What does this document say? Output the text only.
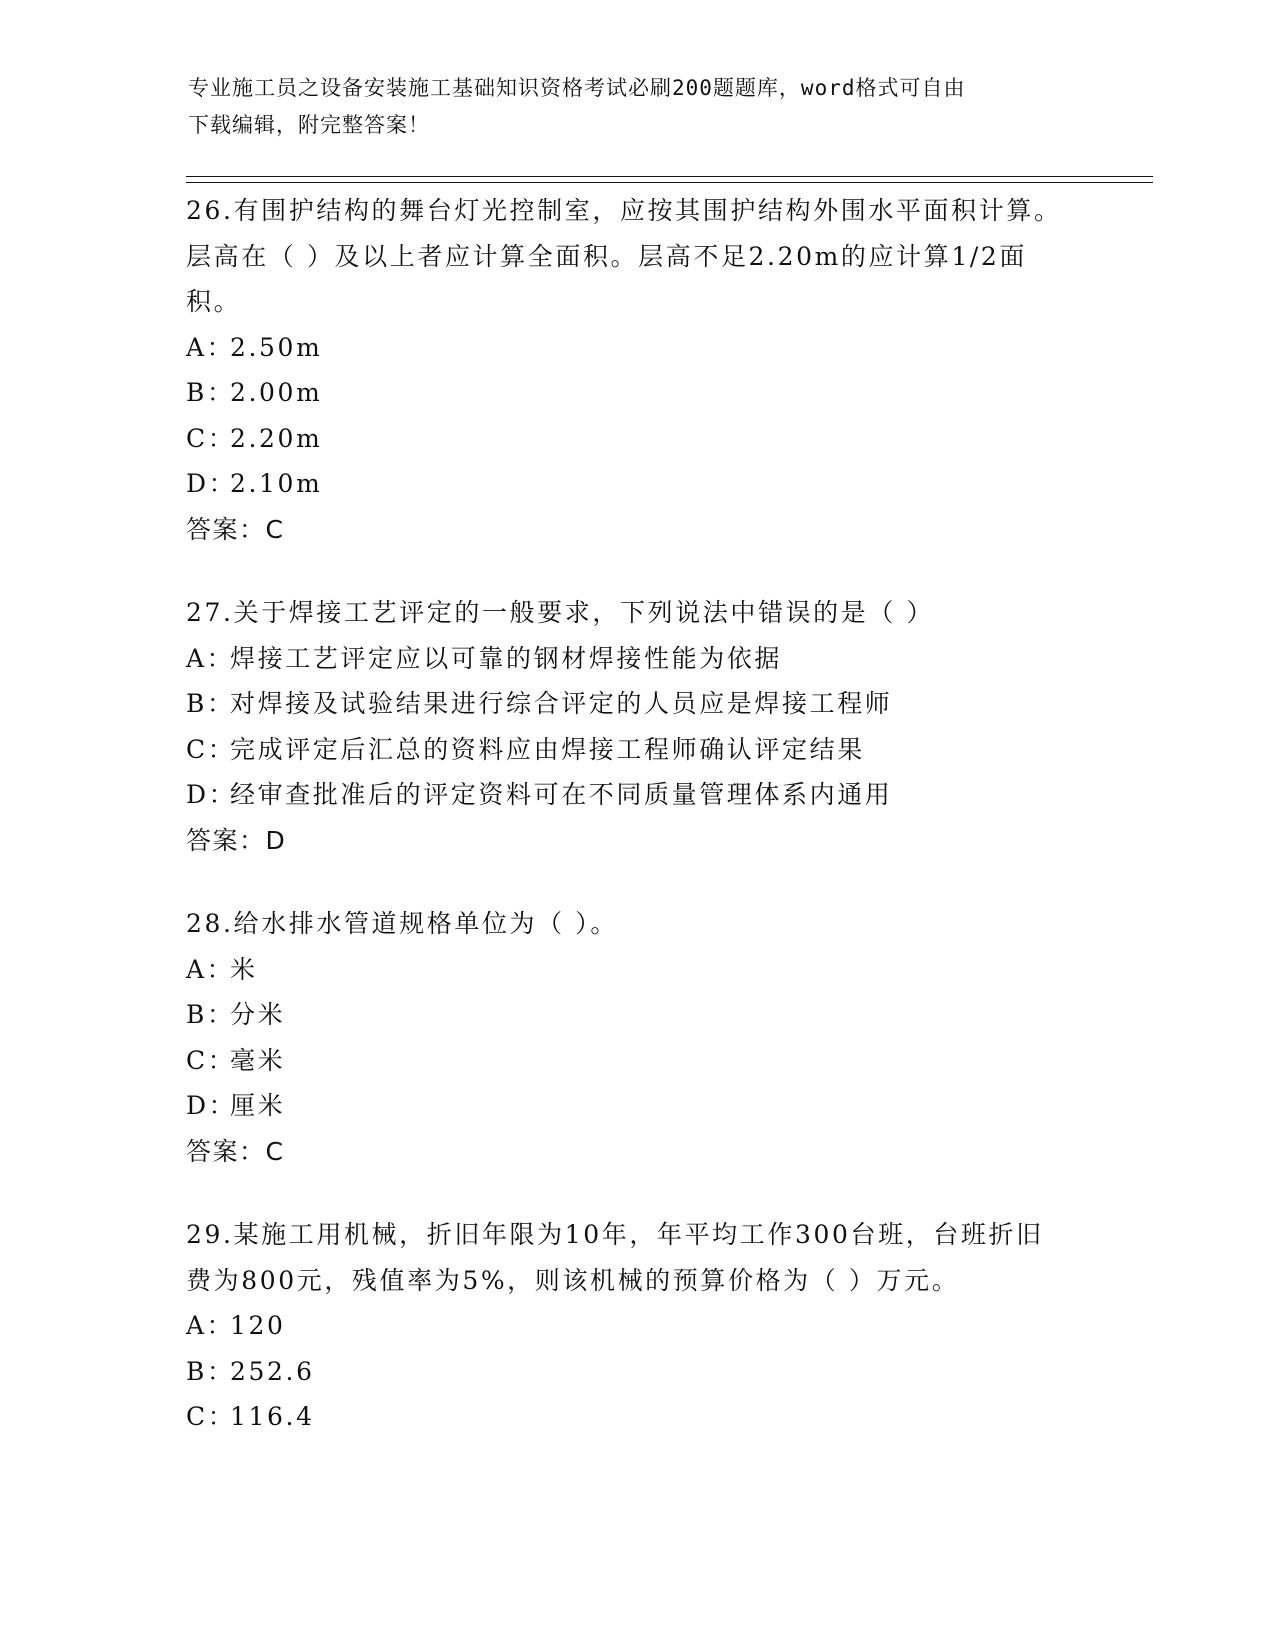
专业施工员之设备安装施工基础知识资格考试必刷200题题库，word格式可自由
下载编辑，附完整答案！
26.有围护结构的舞台灯光控制室，应按其围护结构外围水平面积计算。层高在（ ）及以上者应计算全面积。层高不足2.20m的应计算1/2面积。
A：2.50m
B：2.00m
C：2.20m
D：2.10m
答案：C
27.关于焊接工艺评定的一般要求，下列说法中错误的是（ ）
A：焊接工艺评定应以可靠的钢材焊接性能为依据
B：对焊接及试验结果进行综合评定的人员应是焊接工程师
C：完成评定后汇总的资料应由焊接工程师确认评定结果
D：经审查批准后的评定资料可在不同质量管理体系内通用
答案：D
28.给水排水管道规格单位为（ ）。
A：米
B：分米
C：毫米
D：厘米
答案：C
29.某施工用机械，折旧年限为10年，年平均工作300台班，台班折旧费为800元，残值率为5%，则该机械的预算价格为（ ）万元。
A：120
B：252.6
C：116.4
